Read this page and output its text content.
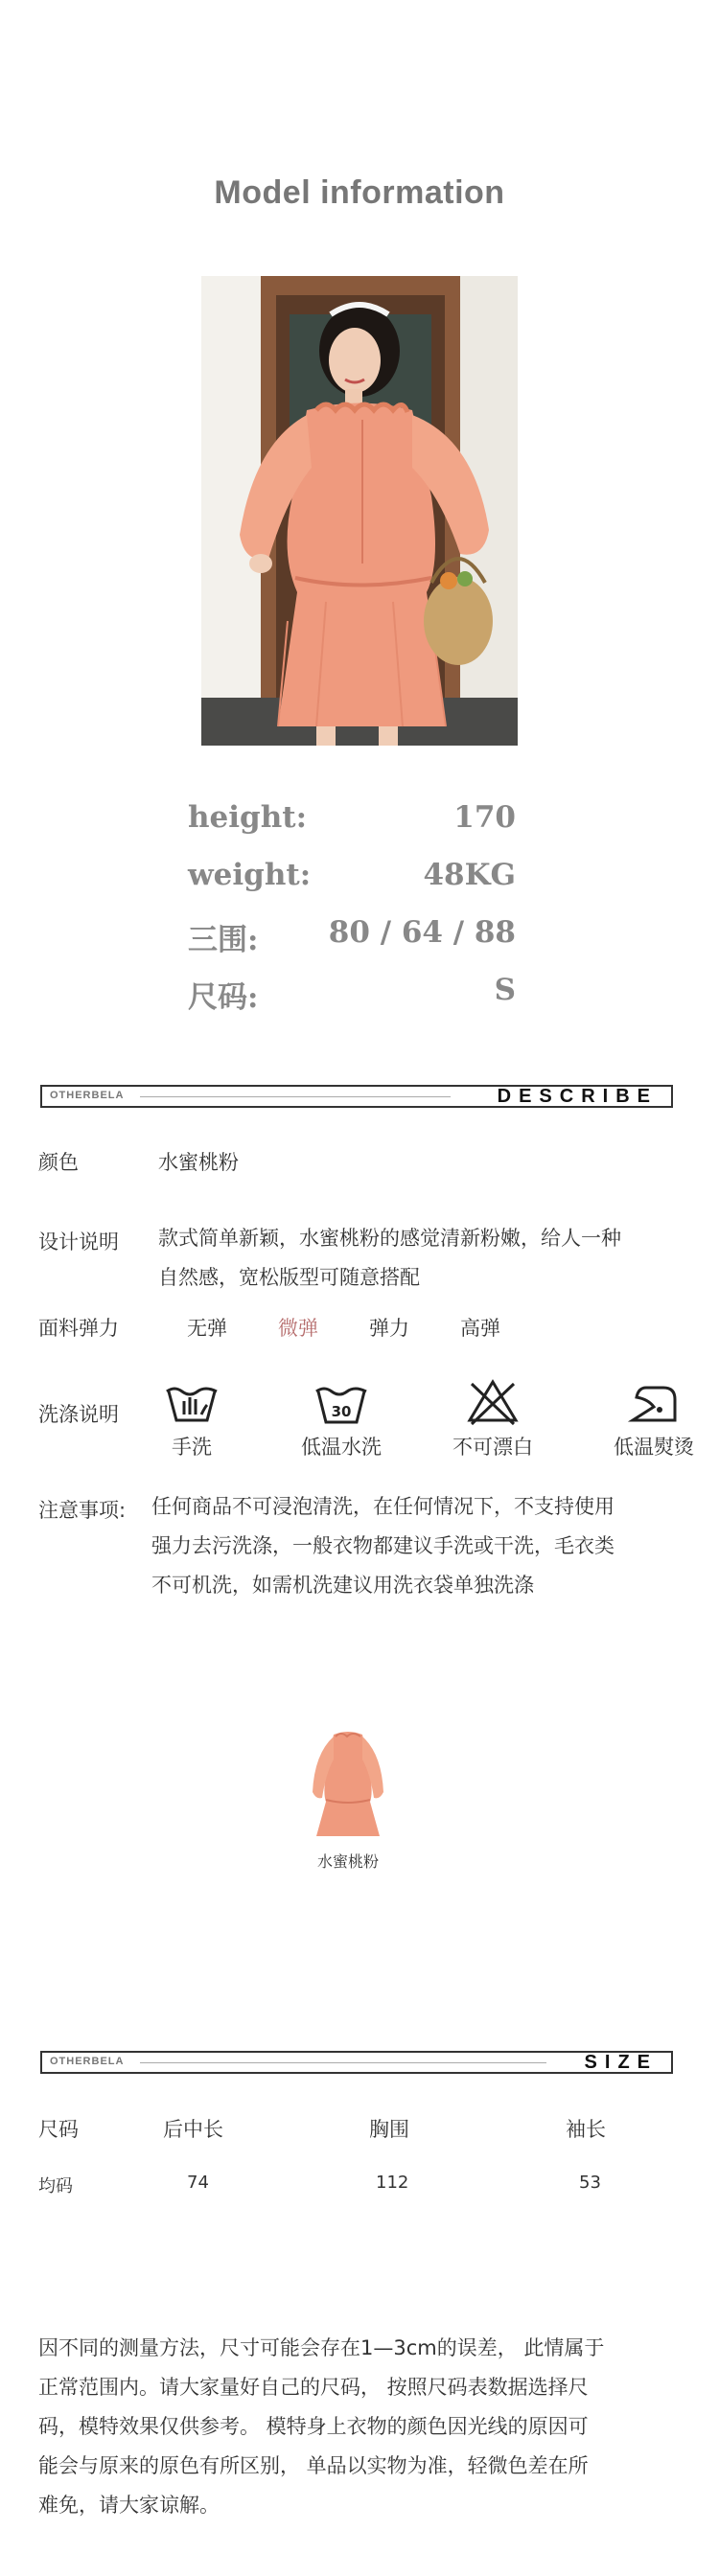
Model information
height:	170
weight:	48KG
三围: 80 / 64 / 88
尺码:	S
OTHERBELA	DESCRIBE
颜色	水蜜桃粉
设计说明 款式简单新颖，水蜜桃粉的感觉清新粉嫩，给人一种
自然感，宽松版型可随意搭配
面料弹力	无弹	微弹	弹力	高弹
洗涤说明
手洗
30
低温水洗	不可漂白	低温熨烫
注意事项: 任何商品不可浸泡清洗，在任何情况下，不支持使用
强力去污洗涤，一般衣物都建议手洗或干洗，毛衣类
不可机洗，如需机洗建议用洗衣袋单独洗涤
水蜜桃粉
OTHERBELA	SIZE
尺码	后中长	胸围	袖长
均码	74	112	53
因不同的测量方法，尺寸可能会存在1—3cm的误差， 此情属于
正常范围内。请大家量好自己的尺码， 按照尺码表数据选择尺
码，模特效果仅供参考。 模特身上衣物的颜色因光线的原因可
能会与原来的原色有所区别， 单品以实物为准，轻微色差在所
难免，请大家谅解。
